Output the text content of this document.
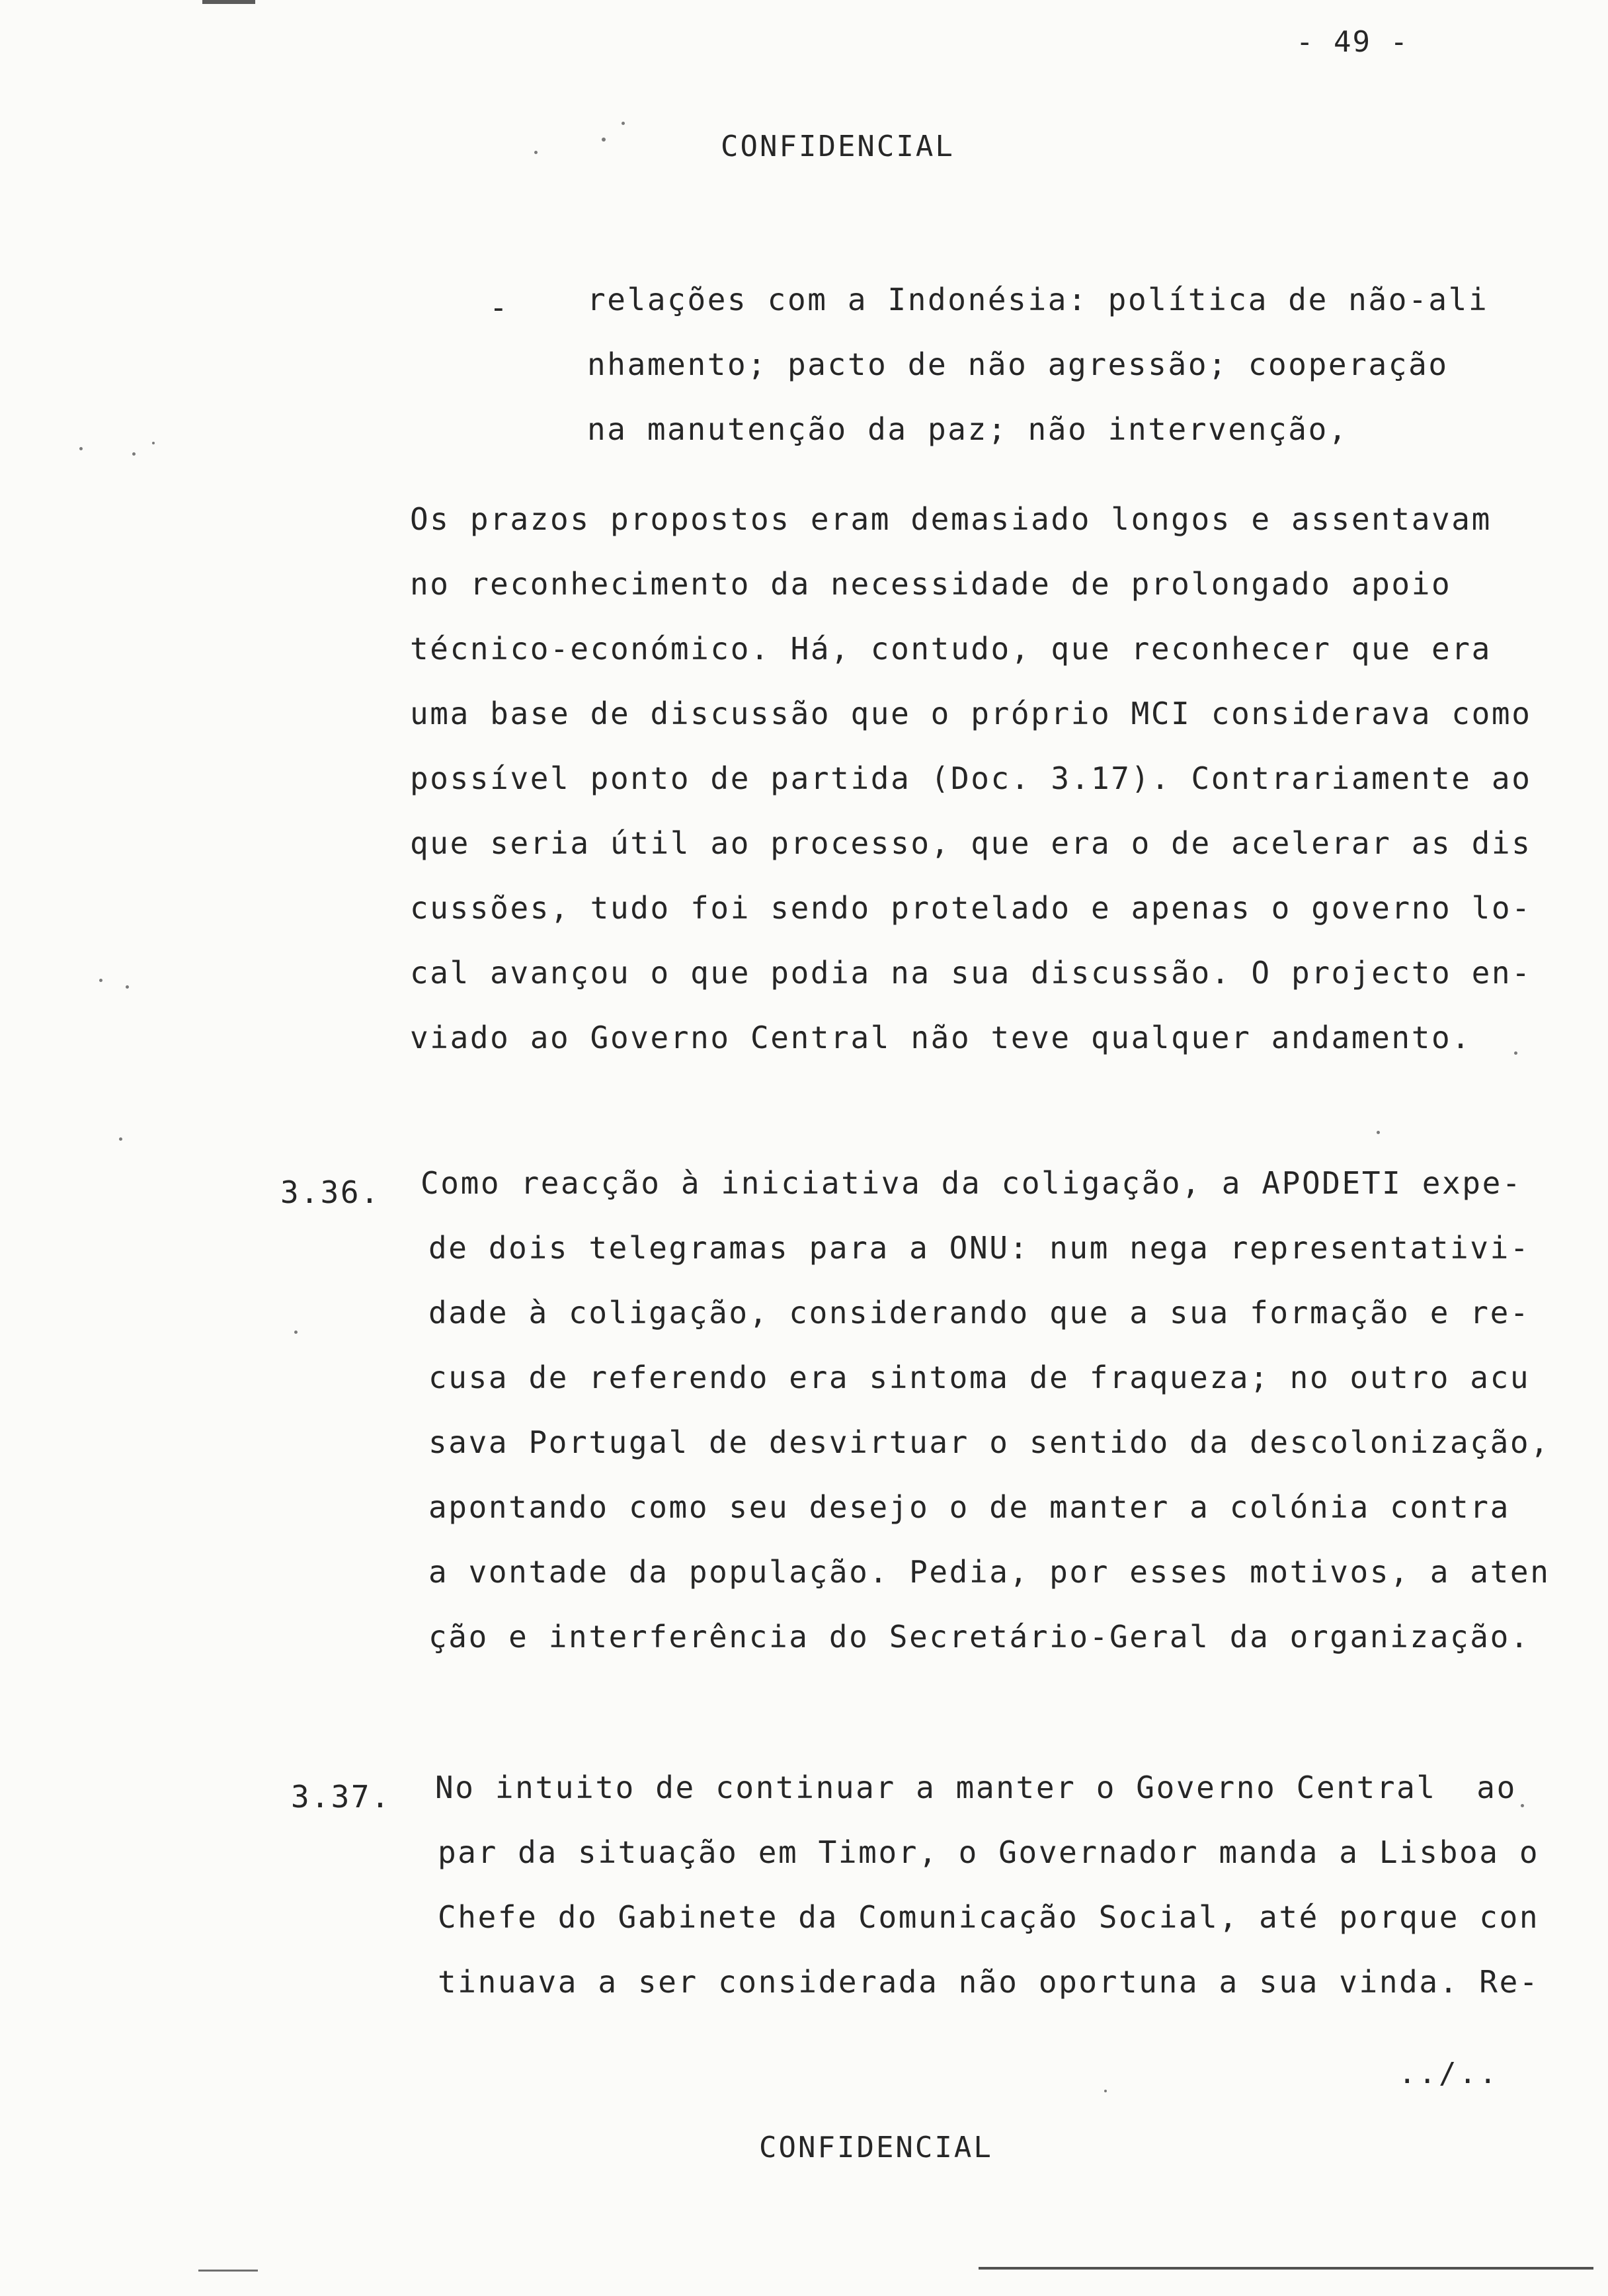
- 49 -
CONFIDENCIAL
-	relações com a Indonésia: política de não-ali
nhamento; pacto de não agressão; cooperação
na manutenção da paz; não intervenção,
Os prazos propostos eram demasiado longos e assentavam
no reconhecimento da necessidade de prolongado apoio
técnico-económico. Há, contudo, que reconhecer que era
uma base de discussão que o próprio MCI considerava como
possível ponto de partida (Doc. 3.17). Contrariamente ao
que seria útil ao processo, que era o de acelerar as dis
cussões, tudo foi sendo protelado e apenas o governo lo-
cal avançou o que podia na sua discussão. O projecto en-
viado ao Governo Central não teve qualquer andamento.
3.36. Como reacção à iniciativa da coligação, a APODETI expe-
de dois telegramas para a ONU: num nega representativi-
dade à coligação, considerando que a sua formação e re-
cusa de referendo era sintoma de fraqueza; no outro acu
sava Portugal de desvirtuar o sentido da descolonização,
apontando como seu desejo o de manter a colónia contra
a vontade da população. Pedia, por esses motivos, a aten
ção e interferência do Secretário-Geral da organização.
3.37. No intuito de continuar a manter o Governo Central  ao
par da situação em Timor, o Governador manda a Lisboa o
Chefe do Gabinete da Comunicação Social, até porque con
tinuava a ser considerada não oportuna a sua vinda. Re-
../..
CONFIDENCIAL
